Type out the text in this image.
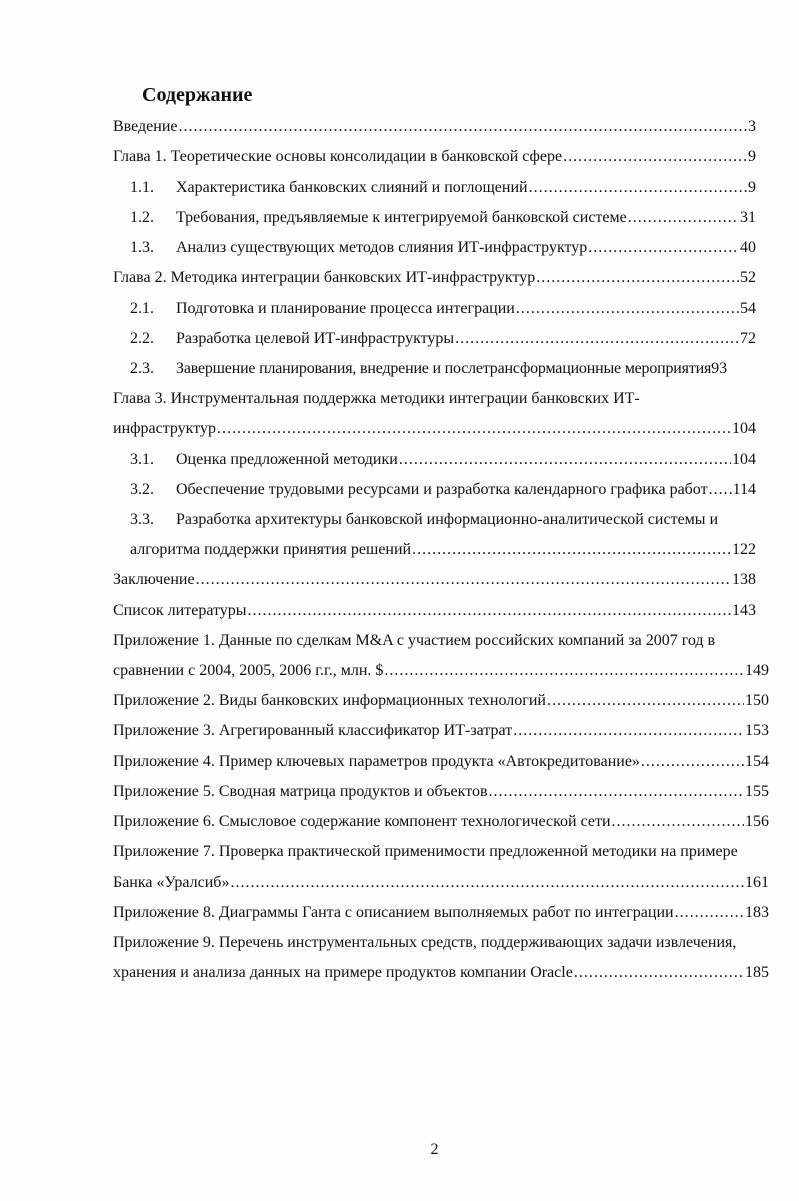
Содержание
Введение .....	3
Глава 1. Теоретические основы консолидации в банковской сфере .....	9
1.1.	Характеристика банковских слияний и поглощений .....	9
1.2.	Требования, предъявляемые к интегрируемой банковской системе .....	31
1.3.	Анализ существующих методов слияния ИТ-инфраструктур .....	40
Глава 2. Методика интеграции банковских ИТ-инфраструктур .....	52
2.1.	Подготовка и планирование процесса интеграции .....	54
2.2.	Разработка целевой ИТ-инфраструктуры .....	72
2.3.	Завершение планирования, внедрение и послетрансформационные мероприятия 93
Глава 3. Инструментальная поддержка методики интеграции банковских ИТ-
инфраструктур .....	104
3.1.	Оценка предложенной методики .....	104
3.2.	Обеспечение трудовыми ресурсами и разработка календарного графика работ ..... 114
3.3. Разработка архитектуры банковской информационно-аналитической системы и
алгоритма поддержки принятия решений .....	122
Заключение .....	138
Список литературы .....	143
Приложение 1. Данные по сделкам M&A с участием российских компаний за 2007 год в
сравнении с 2004, 2005, 2006 г.г., млн. $ .....	149
Приложение 2. Виды банковских информационных технологий .....	150
Приложение 3. Агрегированный классификатор ИТ-затрат .....	153
Приложение 4. Пример ключевых параметров продукта «Автокредитование» .....	154
Приложение 5. Сводная матрица продуктов и объектов .....	155
Приложение 6. Смысловое содержание компонент технологической сети .....	156
Приложение 7. Проверка практической применимости предложенной методики на примере
Банка «Уралсиб» .....	161
Приложение 8. Диаграммы Ганта с описанием выполняемых работ по интеграции .....	183
Приложение 9. Перечень инструментальных средств, поддерживающих задачи извлечения,
хранения и анализа данных на примере продуктов компании Oracle .....	185
2
